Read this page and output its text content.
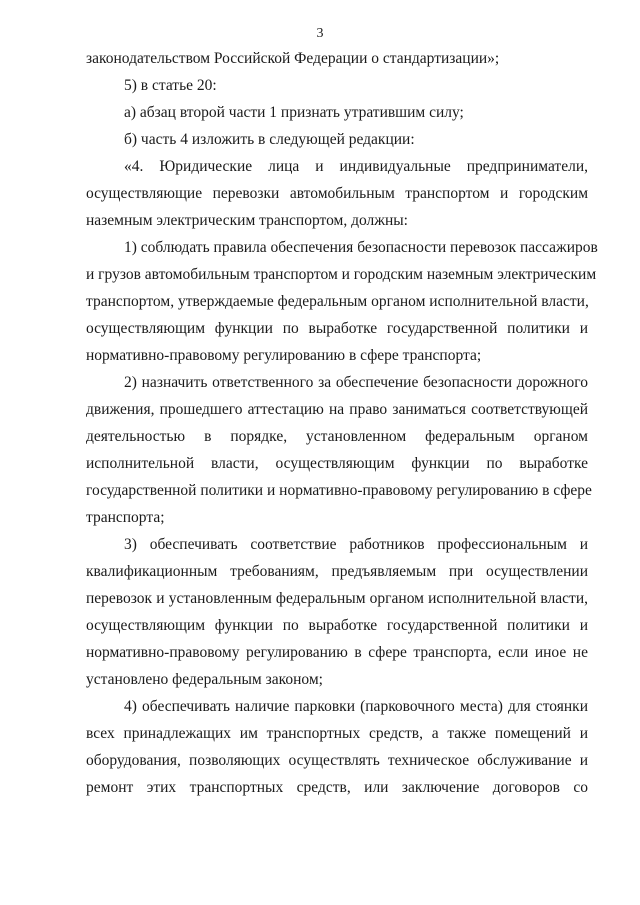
3
законодательством Российской Федерации о стандартизации»;
5) в статье 20:
а) абзац второй части 1 признать утратившим силу;
б) часть 4 изложить в следующей редакции:
«4. Юридические лица и индивидуальные предприниматели,
осуществляющие перевозки автомобильным транспортом и городским
наземным электрическим транспортом, должны:
1) соблюдать правила обеспечения безопасности перевозок пассажиров
и грузов автомобильным транспортом и городским наземным электрическим
транспортом, утверждаемые федеральным органом исполнительной власти,
осуществляющим функции по выработке государственной политики и
нормативно-правовому регулированию в сфере транспорта;
2) назначить ответственного за обеспечение безопасности дорожного
движения, прошедшего аттестацию на право заниматься соответствующей
деятельностью в порядке, установленном федеральным органом
исполнительной власти, осуществляющим функции по выработке
государственной политики и нормативно-правовому регулированию в сфере
транспорта;
3) обеспечивать соответствие работников профессиональным и
квалификационным требованиям, предъявляемым при осуществлении
перевозок и установленным федеральным органом исполнительной власти,
осуществляющим функции по выработке государственной политики и
нормативно-правовому регулированию в сфере транспорта, если иное не
установлено федеральным законом;
4) обеспечивать наличие парковки (парковочного места) для стоянки
всех принадлежащих им транспортных средств, а также помещений и
оборудования, позволяющих осуществлять техническое обслуживание и
ремонт этих транспортных средств, или заключение договоров со
